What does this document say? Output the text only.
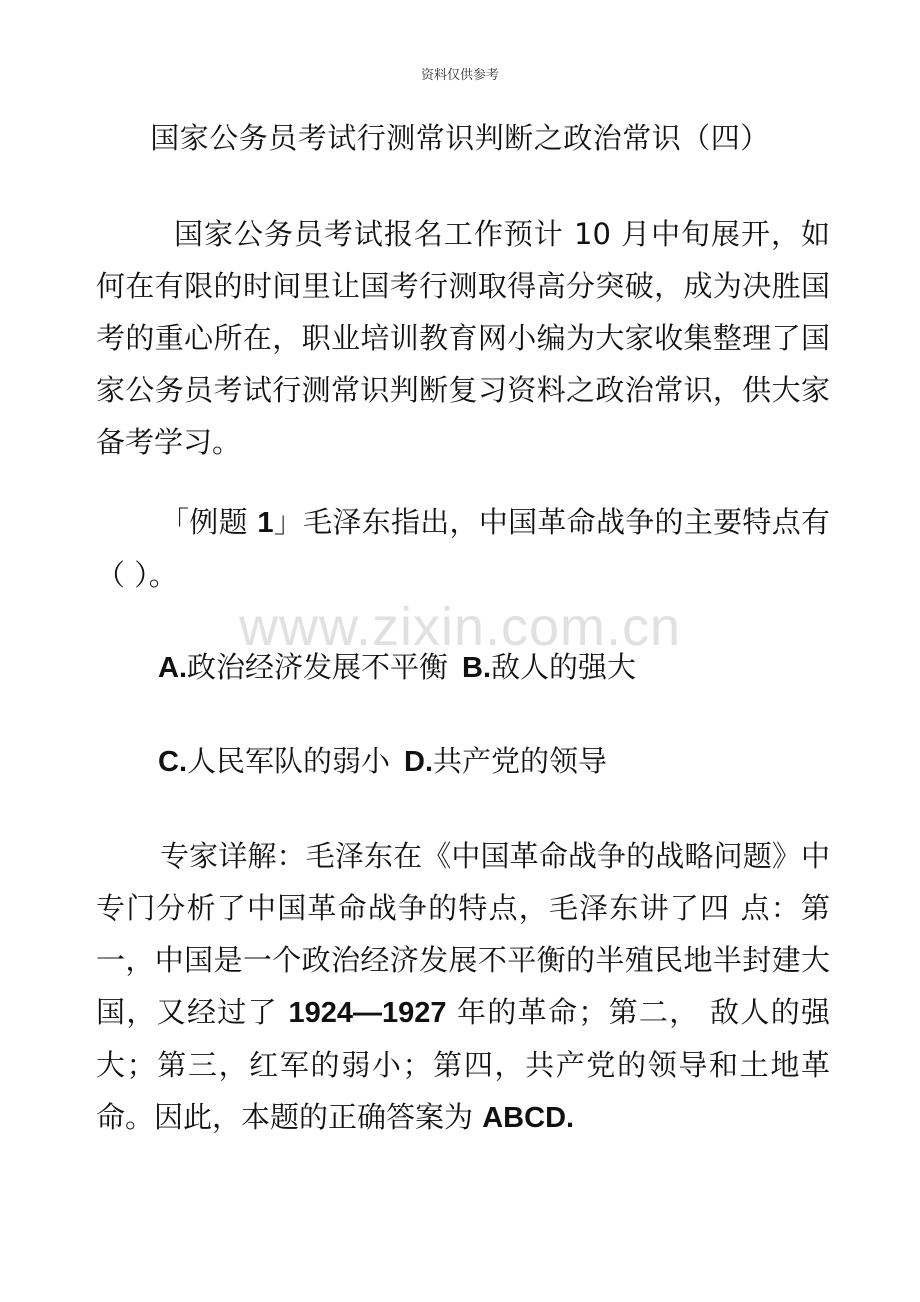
资料仅供参考
国家公务员考试行测常识判断之政治常识（四）

国家公务员考试报名工作预计 10 月中旬展开，如何在有限的时间里让国考行测取得高分突破，成为决胜国考的重心所在，职业培训教育网小编为大家收集整理了国家公务员考试行测常识判断复习资料之政治常识，供大家备考学习。

「例题 1」毛泽东指出，中国革命战争的主要特点有（ ）。

www.zixin.com.cn
A.政治经济发展不平衡 B.敌人的强大
C.人民军队的弱小 D.共产党的领导

专家详解：毛泽东在《中国革命战争的战略问题》中专门分析了中国革命战争的特点，毛泽东讲了四 点：第一，中国是一个政治经济发展不平衡的半殖民地半封建大国，又经过了 1924—1927 年的革命；第二， 敌人的强大；第三，红军的弱小；第四，共产党的领导和土地革命。因此，本题的正确答案为 ABCD.
